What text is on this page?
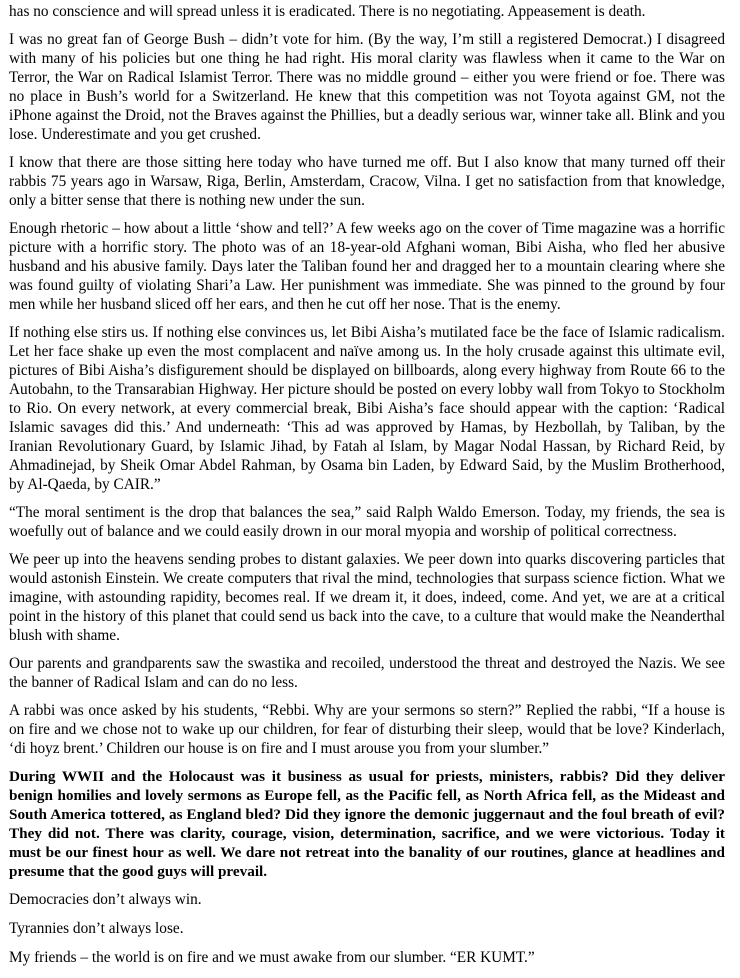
has no conscience and will spread unless it is eradicated. There is no negotiating. Appeasement is death.

I was no great fan of George Bush – didn’t vote for him. (By the way, I’m still a registered Democrat.) I disagreed with many of his policies but one thing he had right. His moral clarity was flawless when it came to the War on Terror, the War on Radical Islamist Terror. There was no middle ground – either you were friend or foe. There was no place in Bush’s world for a Switzerland. He knew that this competition was not Toyota against GM, not the iPhone against the Droid, not the Braves against the Phillies, but a deadly serious war, winner take all. Blink and you lose. Underestimate and you get crushed.

I know that there are those sitting here today who have turned me off. But I also know that many turned off their rabbis 75 years ago in Warsaw, Riga, Berlin, Amsterdam, Cracow, Vilna. I get no satisfaction from that knowledge, only a bitter sense that there is nothing new under the sun.

Enough rhetoric – how about a little ‘show and tell?’ A few weeks ago on the cover of Time magazine was a horrific picture with a horrific story. The photo was of an 18-year-old Afghani woman, Bibi Aisha, who fled her abusive husband and his abusive family. Days later the Taliban found her and dragged her to a mountain clearing where she was found guilty of violating Shari’a Law. Her punishment was immediate. She was pinned to the ground by four men while her husband sliced off her ears, and then he cut off her nose. That is the enemy.

If nothing else stirs us. If nothing else convinces us, let Bibi Aisha’s mutilated face be the face of Islamic radicalism. Let her face shake up even the most complacent and naïve among us. In the holy crusade against this ultimate evil, pictures of Bibi Aisha’s disfigurement should be displayed on billboards, along every highway from Route 66 to the Autobahn, to the Transarabian Highway. Her picture should be posted on every lobby wall from Tokyo to Stockholm to Rio. On every network, at every commercial break, Bibi Aisha’s face should appear with the caption: ‘Radical Islamic savages did this.’ And underneath: ‘This ad was approved by Hamas, by Hezbollah, by Taliban, by the Iranian Revolutionary Guard, by Islamic Jihad, by Fatah al Islam, by Magar Nodal Hassan, by Richard Reid, by Ahmadinejad, by Sheik Omar Abdel Rahman, by Osama bin Laden, by Edward Said, by the Muslim Brotherhood, by Al-Qaeda, by CAIR.”

“The moral sentiment is the drop that balances the sea,” said Ralph Waldo Emerson. Today, my friends, the sea is woefully out of balance and we could easily drown in our moral myopia and worship of political correctness.

We peer up into the heavens sending probes to distant galaxies. We peer down into quarks discovering particles that would astonish Einstein. We create computers that rival the mind, technologies that surpass science fiction. What we imagine, with astounding rapidity, becomes real. If we dream it, it does, indeed, come. And yet, we are at a critical point in the history of this planet that could send us back into the cave, to a culture that would make the Neanderthal blush with shame.

Our parents and grandparents saw the swastika and recoiled, understood the threat and destroyed the Nazis. We see the banner of Radical Islam and can do no less.

A rabbi was once asked by his students, “Rebbi. Why are your sermons so stern?” Replied the rabbi, “If a house is on fire and we chose not to wake up our children, for fear of disturbing their sleep, would that be love? Kinderlach, ‘di hoyz brent.’ Children our house is on fire and I must arouse you from your slumber.”

During WWII and the Holocaust was it business as usual for priests, ministers, rabbis? Did they deliver benign homilies and lovely sermons as Europe fell, as the Pacific fell, as North Africa fell, as the Mideast and South America tottered, as England bled? Did they ignore the demonic juggernaut and the foul breath of evil? They did not. There was clarity, courage, vision, determination, sacrifice, and we were victorious. Today it must be our finest hour as well. We dare not retreat into the banality of our routines, glance at headlines and presume that the good guys will prevail.

Democracies don’t always win.

Tyrannies don’t always lose.

My friends – the world is on fire and we must awake from our slumber. “ER KUMT.”
